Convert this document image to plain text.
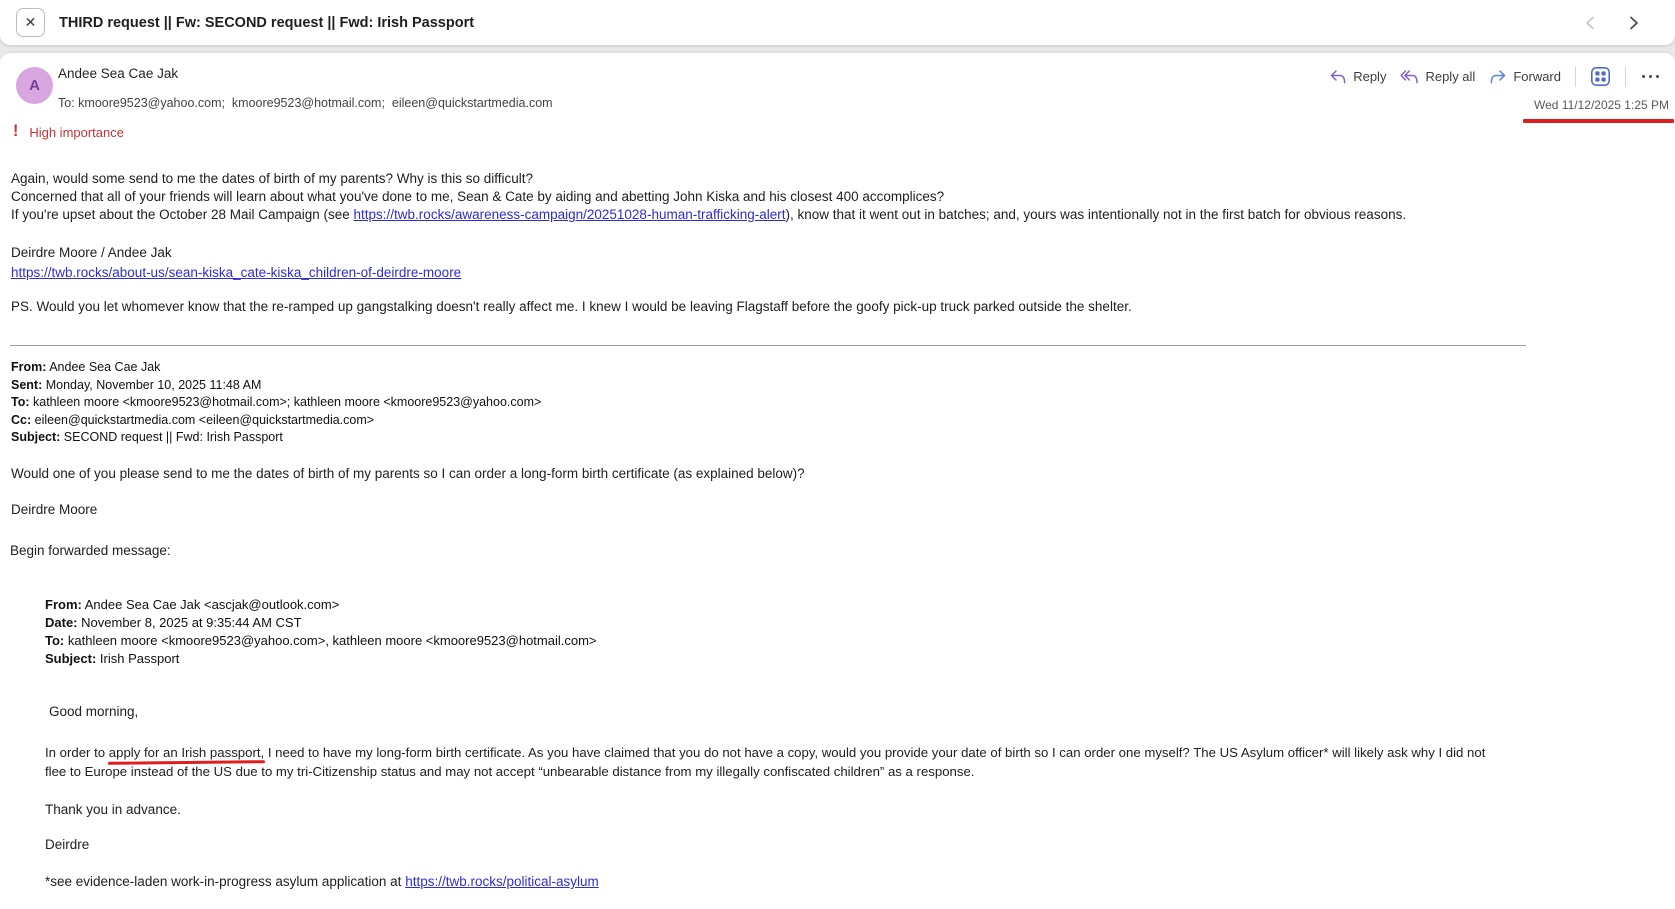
✕ THIRD request || Fw: SECOND request || Fwd: Irish Passport
A
Andee Sea Cae Jak
To: kmoore9523@yahoo.com;  kmoore9523@hotmail.com;  eileen@quickstartmedia.com
Reply	Reply all	Forward
Wed 11/12/2025 1:25 PM
! High importance
Again, would some send to me the dates of birth of my parents? Why is this so difficult?
Concerned that all of your friends will learn about what you've done to me, Sean & Cate by aiding and abetting John Kiska and his closest 400 accomplices?
If you're upset about the October 28 Mail Campaign (see https://twb.rocks/awareness-campaign/20251028-human-trafficking-alert), know that it went out in batches; and, yours was intentionally not in the first batch for obvious reasons.
Deirdre Moore / Andee Jak
https://twb.rocks/about-us/sean-kiska_cate-kiska_children-of-deirdre-moore
PS. Would you let whomever know that the re-ramped up gangstalking doesn't really affect me. I knew I would be leaving Flagstaff before the goofy pick-up truck parked outside the shelter.
From: Andee Sea Cae Jak
Sent: Monday, November 10, 2025 11:48 AM
To: kathleen moore <kmoore9523@hotmail.com>; kathleen moore <kmoore9523@yahoo.com>
Cc: eileen@quickstartmedia.com <eileen@quickstartmedia.com>
Subject: SECOND request || Fwd: Irish Passport
Would one of you please send to me the dates of birth of my parents so I can order a long-form birth certificate (as explained below)?
Deirdre Moore
Begin forwarded message:
From: Andee Sea Cae Jak <ascjak@outlook.com>
Date: November 8, 2025 at 9:35:44 AM CST
To: kathleen moore <kmoore9523@yahoo.com>, kathleen moore <kmoore9523@hotmail.com>
Subject: Irish Passport
Good morning,
In order to apply for an Irish passport, I need to have my long-form birth certificate. As you have claimed that you do not have a copy, would you provide your date of birth so I can order one myself? The US Asylum officer* will likely ask why I did not
flee to Europe instead of the US due to my tri-Citizenship status and may not accept “unbearable distance from my illegally confiscated children” as a response.
Thank you in advance.
Deirdre
*see evidence-laden work-in-progress asylum application at https://twb.rocks/political-asylum
